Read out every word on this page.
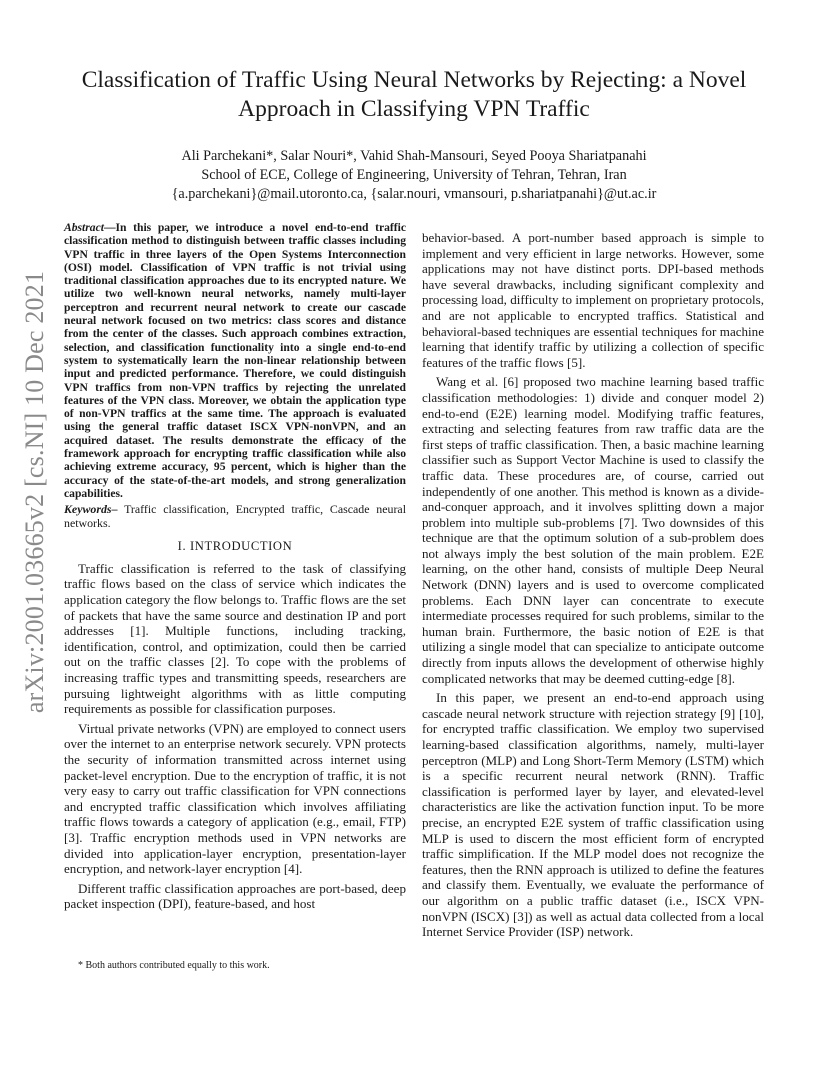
arXiv:2001.03665v2 [cs.NI] 10 Dec 2021
Classification of Traffic Using Neural Networks by Rejecting: a Novel Approach in Classifying VPN Traffic
Ali Parchekani*, Salar Nouri*, Vahid Shah-Mansouri, Seyed Pooya Shariatpanahi
School of ECE, College of Engineering, University of Tehran, Tehran, Iran
{a.parchekani}@mail.utoronto.ca, {salar.nouri, vmansouri, p.shariatpanahi}@ut.ac.ir

Abstract—In this paper, we introduce a novel end-to-end traffic classification method to distinguish between traffic classes including VPN traffic in three layers of the Open Systems Interconnection (OSI) model. Classification of VPN traffic is not trivial using traditional classification approaches due to its encrypted nature. We utilize two well-known neural networks, namely multi-layer perceptron and recurrent neural network to create our cascade neural network focused on two metrics: class scores and distance from the center of the classes. Such approach combines extraction, selection, and classification functionality into a single end-to-end system to systematically learn the non-linear relationship between input and predicted performance. Therefore, we could distinguish VPN traffics from non-VPN traffics by rejecting the unrelated features of the VPN class. Moreover, we obtain the application type of non-VPN traffics at the same time. The approach is evaluated using the general traffic dataset ISCX VPN-nonVPN, and an acquired dataset. The results demonstrate the efficacy of the framework approach for encrypting traffic classification while also achieving extreme accuracy, 95 percent, which is higher than the accuracy of the state-of-the-art models, and strong generalization capabilities.

Keywords– Traffic classification, Encrypted traffic, Cascade neural networks.

I. INTRODUCTION

Traffic classification is referred to the task of classifying traffic flows based on the class of service which indicates the application category the flow belongs to. Traffic flows are the set of packets that have the same source and destination IP and port addresses [1]. Multiple functions, including tracking, identification, control, and optimization, could then be carried out on the traffic classes [2]. To cope with the problems of increasing traffic types and transmitting speeds, researchers are pursuing lightweight algorithms with as little computing requirements as possible for classification purposes.

Virtual private networks (VPN) are employed to connect users over the internet to an enterprise network securely. VPN protects the security of information transmitted across internet using packet-level encryption. Due to the encryption of traffic, it is not very easy to carry out traffic classification for VPN connections and encrypted traffic classification which involves affiliating traffic flows towards a category of application (e.g., email, FTP) [3]. Traffic encryption methods used in VPN networks are divided into application-layer encryption, presentation-layer encryption, and network-layer encryption [4].

Different traffic classification approaches are port-based, deep packet inspection (DPI), feature-based, and host

* Both authors contributed equally to this work.

behavior-based. A port-number based approach is simple to implement and very efficient in large networks. However, some applications may not have distinct ports. DPI-based methods have several drawbacks, including significant complexity and processing load, difficulty to implement on proprietary protocols, and are not applicable to encrypted traffics. Statistical and behavioral-based techniques are essential techniques for machine learning that identify traffic by utilizing a collection of specific features of the traffic flows [5].

Wang et al. [6] proposed two machine learning based traffic classification methodologies: 1) divide and conquer model 2) end-to-end (E2E) learning model. Modifying traffic features, extracting and selecting features from raw traffic data are the first steps of traffic classification. Then, a basic machine learning classifier such as Support Vector Machine is used to classify the traffic data. These procedures are, of course, carried out independently of one another. This method is known as a divide-and-conquer approach, and it involves splitting down a major problem into multiple sub-problems [7]. Two downsides of this technique are that the optimum solution of a sub-problem does not always imply the best solution of the main problem. E2E learning, on the other hand, consists of multiple Deep Neural Network (DNN) layers and is used to overcome complicated problems. Each DNN layer can concentrate to execute intermediate processes required for such problems, similar to the human brain. Furthermore, the basic notion of E2E is that utilizing a single model that can specialize to anticipate outcome directly from inputs allows the development of otherwise highly complicated networks that may be deemed cutting-edge [8].

In this paper, we present an end-to-end approach using cascade neural network structure with rejection strategy [9] [10], for encrypted traffic classification. We employ two supervised learning-based classification algorithms, namely, multi-layer perceptron (MLP) and Long Short-Term Memory (LSTM) which is a specific recurrent neural network (RNN). Traffic classification is performed layer by layer, and elevated-level characteristics are like the activation function input. To be more precise, an encrypted E2E system of traffic classification using MLP is used to discern the most efficient form of encrypted traffic simplification. If the MLP model does not recognize the features, then the RNN approach is utilized to define the features and classify them. Eventually, we evaluate the performance of our algorithm on a public traffic dataset (i.e., ISCX VPN-nonVPN (ISCX) [3]) as well as actual data collected from a local Internet Service Provider (ISP) network.
